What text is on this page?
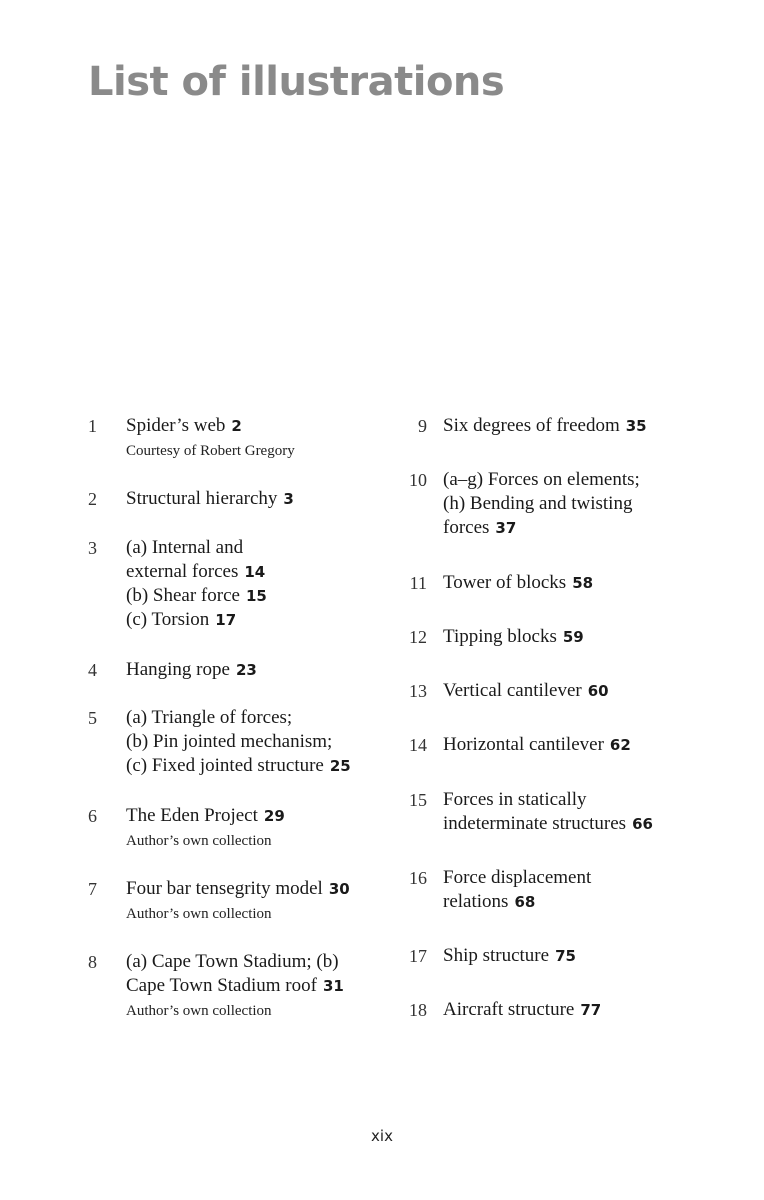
List of illustrations
1	Spider’s web 2
Courtesy of Robert Gregory
2	Structural hierarchy 3
3	(a) Internal and
external forces 14
(b) Shear force 15
(c) Torsion 17
4	Hanging rope 23
5	(a) Triangle of forces;
(b) Pin jointed mechanism;
(c) Fixed jointed structure 25
6	The Eden Project 29
Author’s own collection
7	Four bar tensegrity model 30
Author’s own collection
8	(a) Cape Town Stadium; (b)
Cape Town Stadium roof 31
Author’s own collection
9 Six degrees of freedom 35
10 (a–g) Forces on elements;
(h) Bending and twisting
forces 37
11 Tower of blocks 58
12 Tipping blocks 59
13 Vertical cantilever 60
14 Horizontal cantilever 62
15 Forces in statically
indeterminate structures 66
16 Force displacement
relations 68
17 Ship structure 75
18 Aircraft structure 77
xix
